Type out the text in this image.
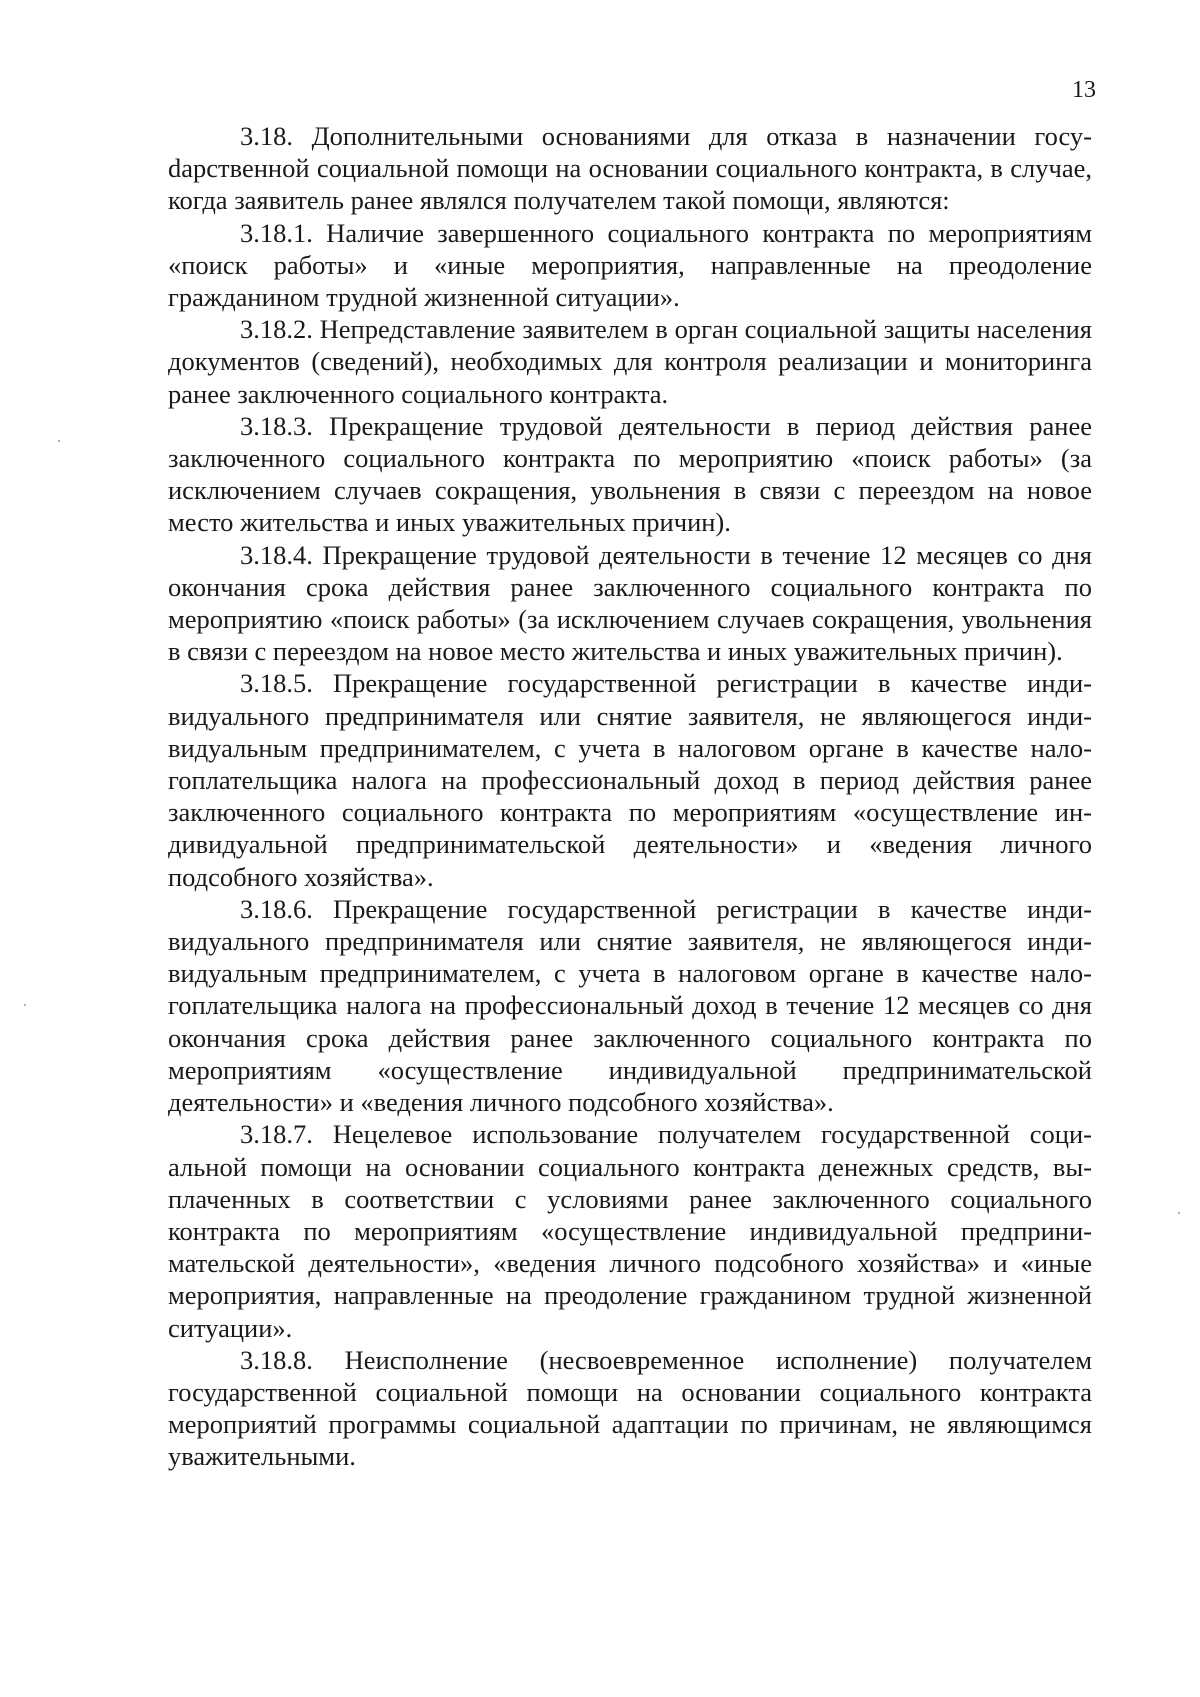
13

3.18. Дополнительными основаниями для отказа в назначении госуdарственной социальной помощи на основании социального контракта, в случае, когда заявитель ранее являлся получателем такой помощи, являются:

3.18.1. Наличие завершенного социального контракта по мероприятиям «поиск работы» и «иные мероприятия, направленные на преодоление гражданином трудной жизненной ситуации».

3.18.2. Непредставление заявителем в орган социальной защиты населения документов (сведений), необходимых для контроля реализации и мониторинга ранее заключенного социального контракта.

3.18.3. Прекращение трудовой деятельности в период действия ранее заключенного социального контракта по мероприятию «поиск работы» (за исключением случаев сокращения, увольнения в связи с переездом на новое место жительства и иных уважительных причин).

3.18.4. Прекращение трудовой деятельности в течение 12 месяцев со дня окончания срока действия ранее заключенного социального контракта по мероприятию «поиск работы» (за исключением случаев сокращения, увольнения в связи с переездом на новое место жительства и иных уважительных причин).

3.18.5. Прекращение государственной регистрации в качестве индивидуального предпринимателя или снятие заявителя, не являющегося индивидуальным предпринимателем, с учета в налоговом органе в качестве налогоплательщика налога на профессиональный доход в период действия ранее заключенного социального контракта по мероприятиям «осуществление индивидуальной предпринимательской деятельности» и «ведения личного подсобного хозяйства».

3.18.6. Прекращение государственной регистрации в качестве индивидуального предпринимателя или снятие заявителя, не являющегося индивидуальным предпринимателем, с учета в налоговом органе в качестве налогоплательщика налога на профессиональный доход в течение 12 месяцев со дня окончания срока действия ранее заключенного социального контракта по мероприятиям «осуществление индивидуальной предпринимательской деятельности» и «ведения личного подсобного хозяйства».

3.18.7. Нецелевое использование получателем государственной социальной помощи на основании социального контракта денежных средств, выплаченных в соответствии с условиями ранее заключенного социального контракта по мероприятиям «осуществление индивидуальной предпринимательской деятельности», «ведения личного подсобного хозяйства» и «иные мероприятия, направленные на преодоление гражданином трудной жизненной ситуации».

3.18.8. Неисполнение (несвоевременное исполнение) получателем государственной социальной помощи на основании социального контракта мероприятий программы социальной адаптации по причинам, не являющимся уважительными.
